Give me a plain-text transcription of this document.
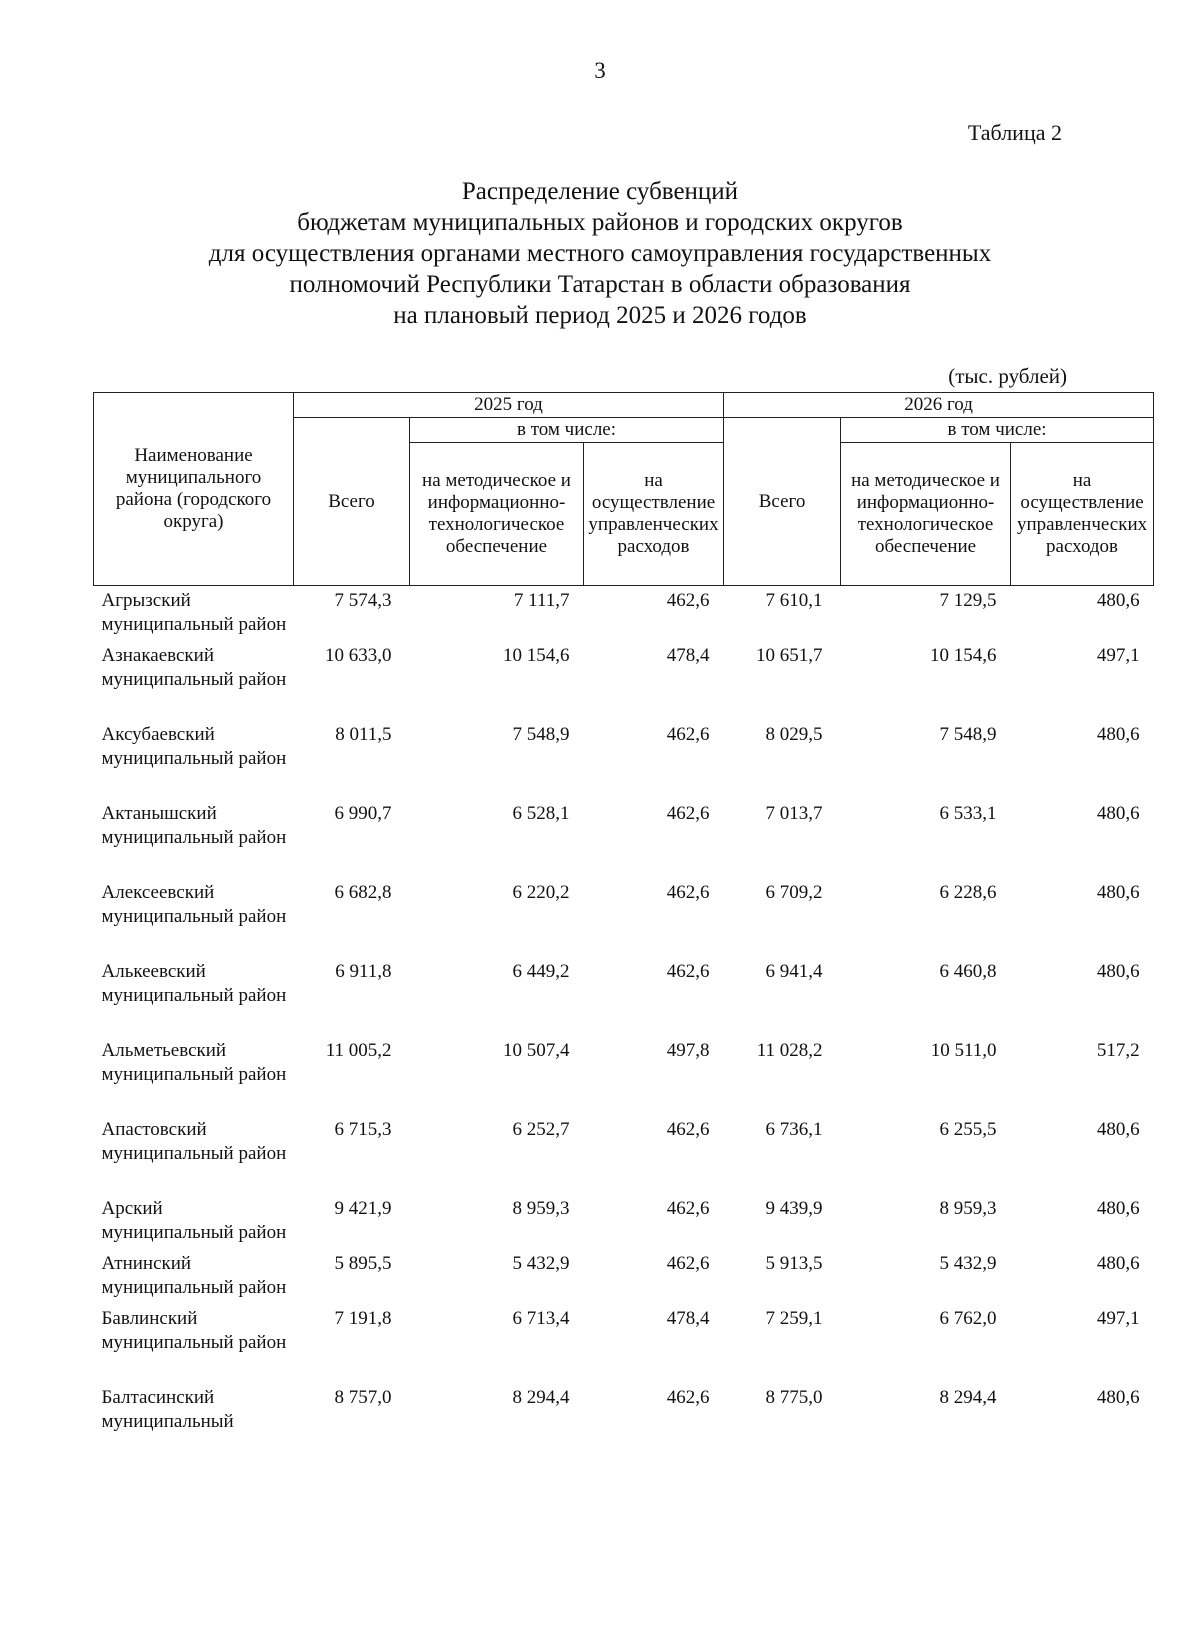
3
Таблица 2
Распределение субвенций
бюджетам муниципальных районов и городских округов
для осуществления органами местного самоуправления государственных
полномочий Республики Татарстан в области образования
на плановый период 2025 и 2026 годов
(тыс. рублей)
Наименование муниципального района (городского округа)	2025 год			2026 год		
	Всего	в том числе:		Всего	в том числе:	
		на методическое и информационно-технологическое обеспечение	на осуществление управленческих расходов		на методическое и информационно-технологическое обеспечение	на осуществление управленческих расходов
Агрызский муниципальный район	7 574,3	7 111,7	462,6	7 610,1	7 129,5	480,6
Азнакаевский муниципальный район	10 633,0	10 154,6	478,4	10 651,7	10 154,6	497,1
Аксубаевский муниципальный район	8 011,5	7 548,9	462,6	8 029,5	7 548,9	480,6
Актанышский муниципальный район	6 990,7	6 528,1	462,6	7 013,7	6 533,1	480,6
Алексеевский муниципальный район	6 682,8	6 220,2	462,6	6 709,2	6 228,6	480,6
Алькеевский муниципальный район	6 911,8	6 449,2	462,6	6 941,4	6 460,8	480,6
Альметьевский муниципальный район	11 005,2	10 507,4	497,8	11 028,2	10 511,0	517,2
Апастовский муниципальный район	6 715,3	6 252,7	462,6	6 736,1	6 255,5	480,6
Арский муниципальный район	9 421,9	8 959,3	462,6	9 439,9	8 959,3	480,6
Атнинский муниципальный район	5 895,5	5 432,9	462,6	5 913,5	5 432,9	480,6
Бавлинский муниципальный район	7 191,8	6 713,4	478,4	7 259,1	6 762,0	497,1
Балтасинский муниципальный	8 757,0	8 294,4	462,6	8 775,0	8 294,4	480,6
